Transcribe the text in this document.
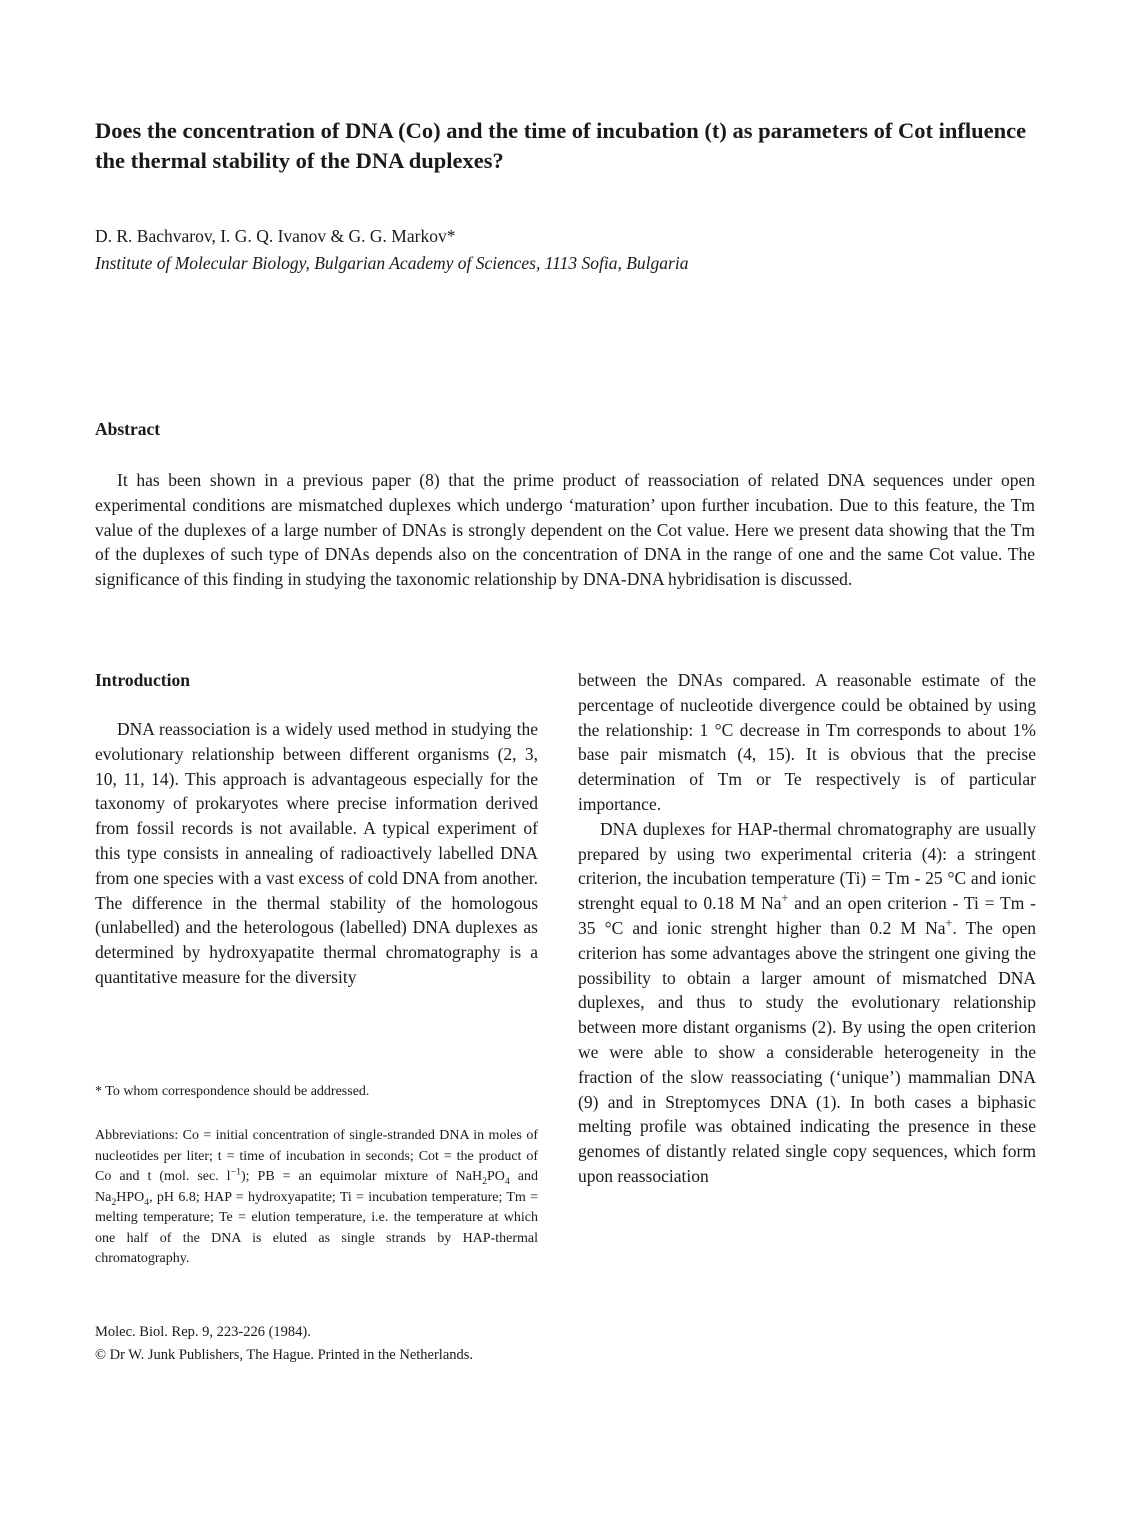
Does the concentration of DNA (Co) and the time of incubation (t) as parameters of Cot influence the thermal stability of the DNA duplexes?
D. R. Bachvarov, I. G. Q. Ivanov & G. G. Markov*
Institute of Molecular Biology, Bulgarian Academy of Sciences, 1113 Sofia, Bulgaria
Abstract

It has been shown in a previous paper (8) that the prime product of reassociation of related DNA sequences under open experimental conditions are mismatched duplexes which undergo ‘maturation’ upon further incubation. Due to this feature, the Tm value of the duplexes of a large number of DNAs is strongly dependent on the Cot value. Here we present data showing that the Tm of the duplexes of such type of DNAs depends also on the concentration of DNA in the range of one and the same Cot value. The significance of this finding in studying the taxonomic relationship by DNA-DNA hybridisation is discussed.

Introduction

DNA reassociation is a widely used method in studying the evolutionary relationship between different organisms (2, 3, 10, 11, 14). This approach is advantageous especially for the taxonomy of prokaryotes where precise information derived from fossil records is not available. A typical experiment of this type consists in annealing of radioactively labelled DNA from one species with a vast excess of cold DNA from another. The difference in the thermal stability of the homologous (unlabelled) and the heterologous (labelled) DNA duplexes as determined by hydroxyapatite thermal chromatography is a quantitative measure for the diversity

between the DNAs compared. A reasonable estimate of the percentage of nucleotide divergence could be obtained by using the relationship: 1 °C decrease in Tm corresponds to about 1% base pair mismatch (4, 15). It is obvious that the precise determination of Tm or Te respectively is of particular importance.

DNA duplexes for HAP-thermal chromatography are usually prepared by using two experimental criteria (4): a stringent criterion, the incubation temperature (Ti) = Tm - 25 °C and ionic strenght equal to 0.18 M Na+ and an open criterion - Ti = Tm - 35 °C and ionic strenght higher than 0.2 M Na+. The open criterion has some advantages above the stringent one giving the possibility to obtain a larger amount of mismatched DNA duplexes, and thus to study the evolutionary relationship between more distant organisms (2). By using the open criterion we were able to show a considerable heterogeneity in the fraction of the slow reassociating (‘unique’) mammalian DNA (9) and in Streptomyces DNA (1). In both cases a biphasic melting profile was obtained indicating the presence in these genomes of distantly related single copy sequences, which form upon reassociation

* To whom correspondence should be addressed.
Abbreviations: Co = initial concentration of single-stranded DNA in moles of nucleotides per liter; t = time of incubation in seconds; Cot = the product of Co and t (mol. sec. $l^{-1}$); PB = an equimolar mixture of $NaH_2PO_4$ and $Na_2HPO_4$, pH 6.8; HAP = hydroxyapatite; Ti = incubation temperature; Tm = melting temperature; Te = elution temperature, i.e. the temperature at which one half of the DNA is eluted as single strands by HAP-thermal chromatography.
Molec. Biol. Rep. 9, 223-226 (1984).
© Dr W. Junk Publishers, The Hague. Printed in the Netherlands.
